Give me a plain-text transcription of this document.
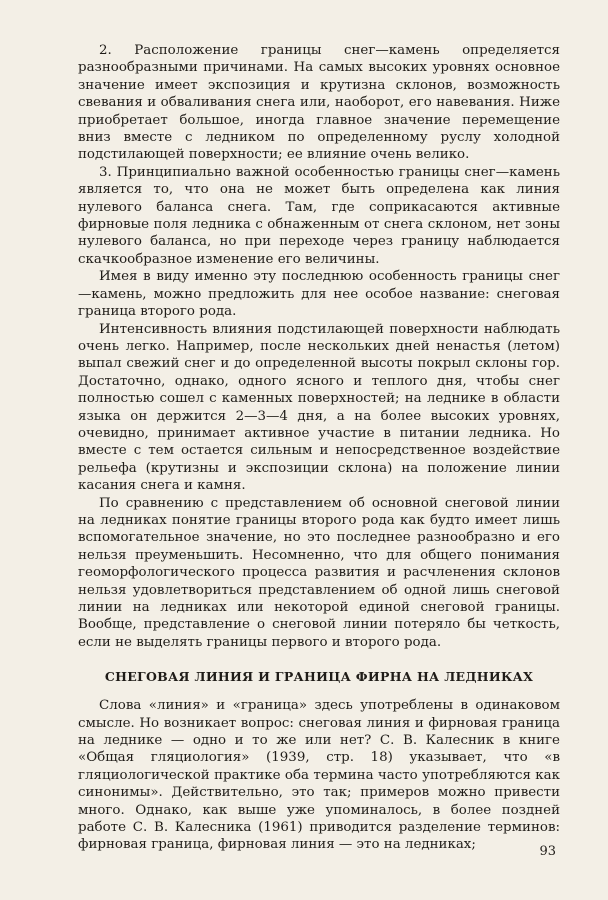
2. Расположение границы снег—камень определяется разнообразными причинами. На самых высоких уровнях основное значение имеет экспозиция и крутизна склонов, возможность свевания и обваливания снега или, наоборот, его навевания. Ниже приобретает большое, иногда главное значение перемещение вниз вместе с ледником по определенному руслу холодной подстилающей поверхности; ее влияние очень велико.

3. Принципиально важной особенностью границы снег—камень является то, что она не может быть определена как линия нулевого баланса снега. Там, где соприкасаются активные фирновые поля ледника с обнаженным от снега склоном, нет зоны нулевого баланса, но при переходе через границу наблюдается скачкообразное изменение его величины.

Имея в виду именно эту последнюю особенность границы снег—камень, можно предложить для нее особое название: снеговая граница второго рода.

Интенсивность влияния подстилающей поверхности наблюдать очень легко. Например, после нескольких дней ненастья (летом) выпал свежий снег и до определенной высоты покрыл склоны гор. Достаточно, однако, одного ясного и теплого дня, чтобы снег полностью сошел с каменных поверхностей; на леднике в области языка он держится 2—3—4 дня, а на более высоких уровнях, очевидно, принимает активное участие в питании ледника. Но вместе с тем остается сильным и непосредственное воздействие рельефа (крутизны и экспозиции склона) на положение линии касания снега и камня.

По сравнению с представлением об основной снеговой линии на ледниках понятие границы второго рода как будто имеет лишь вспомогательное значение, но это последнее разнообразно и его нельзя преуменьшить. Несомненно, что для общего понимания геоморфологического процесса развития и расчленения склонов нельзя удовлетвориться представлением об одной лишь снеговой линии на ледниках или некоторой единой снеговой границы. Вообще, представление о снеговой линии потеряло бы четкость, если не выделять границы первого и второго рода.

СНЕГОВАЯ ЛИНИЯ И ГРАНИЦА ФИРНА НА ЛЕДНИКАХ

Слова «линия» и «граница» здесь употреблены в одинаковом смысле. Но возникает вопрос: снеговая линия и фирновая граница на леднике — одно и то же или нет? С. В. Калесник в книге «Общая гляциология» (1939, стр. 18) указывает, что «в гляциологической практике оба термина часто употребляются как синонимы». Действительно, это так; примеров можно привести много. Однако, как выше уже упоминалось, в более поздней работе С. В. Калесника (1961) приводится разделение терминов: фирновая граница, фирновая линия — это на ледниках;	93
